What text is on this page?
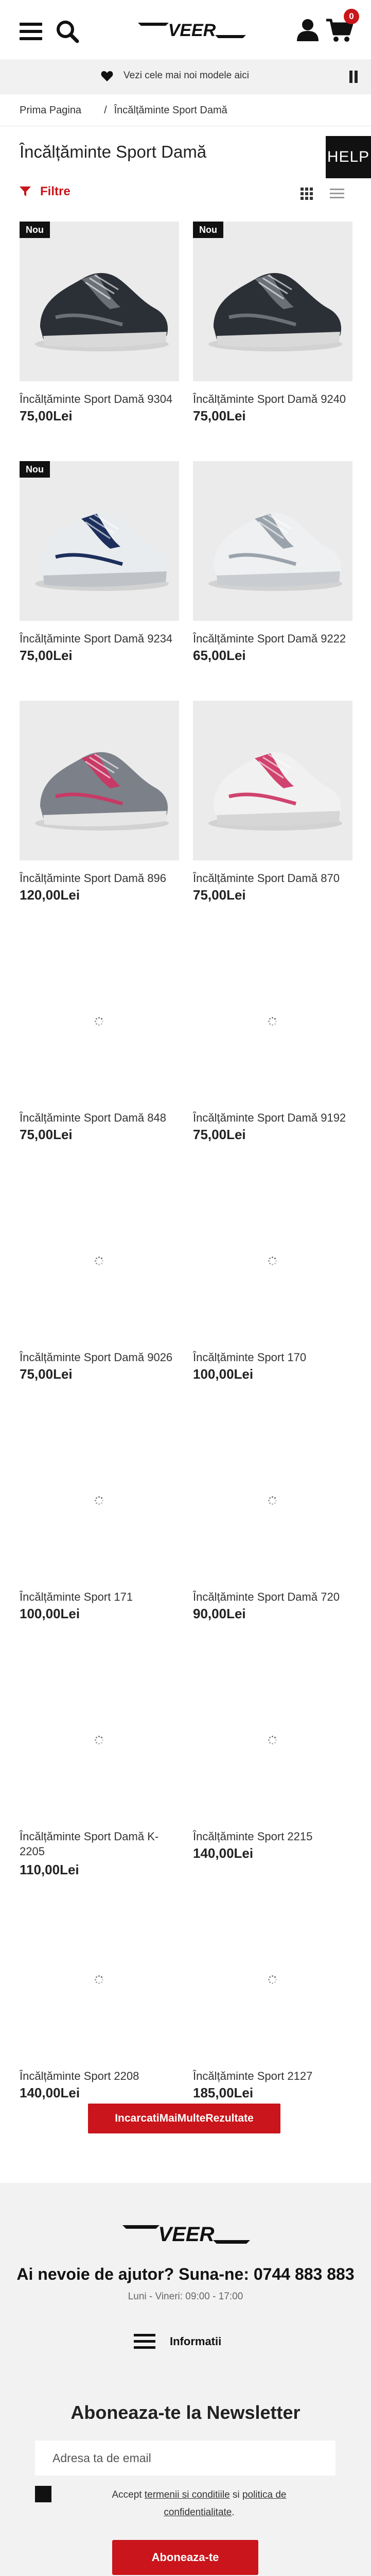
VEER
0
Vezi cele mai noi modele aici
Prima Pagina / Încălțăminte Sport Damă
Încălțăminte Sport Damă	HELP
Filtre
Nou
Încălțăminte Sport Damă 9304
75,00Lei
Nou
Încălțăminte Sport Damă 9240
75,00Lei
Nou
Încălțăminte Sport Damă 9234
75,00Lei
Încălțăminte Sport Damă 9222
65,00Lei
Încălțăminte Sport Damă 896
120,00Lei
Încălțăminte Sport Damă 870
75,00Lei
Încălțăminte Sport Damă 848
75,00Lei
Încălțăminte Sport Damă 9192
75,00Lei
Încălțăminte Sport Damă 9026
75,00Lei
Încălțăminte Sport 170
100,00Lei
Încălțăminte Sport 171
100,00Lei
Încălțăminte Sport Damă 720
90,00Lei
Încălțăminte Sport Damă K-2205
110,00Lei
Încălțăminte Sport 2215
140,00Lei
Încălțăminte Sport 2208
140,00Lei
Încălțăminte Sport 2127
185,00Lei
IncarcatiMaiMulteRezultate
VEER
Ai nevoie de ajutor? Suna-ne: 0744 883 883
Luni - Vineri: 09:00 - 17:00
Informatii
Aboneaza-te la Newsletter
Adresa ta de email
Accept termenii si conditiile si politica de confidentialitate.
Aboneaza-te
